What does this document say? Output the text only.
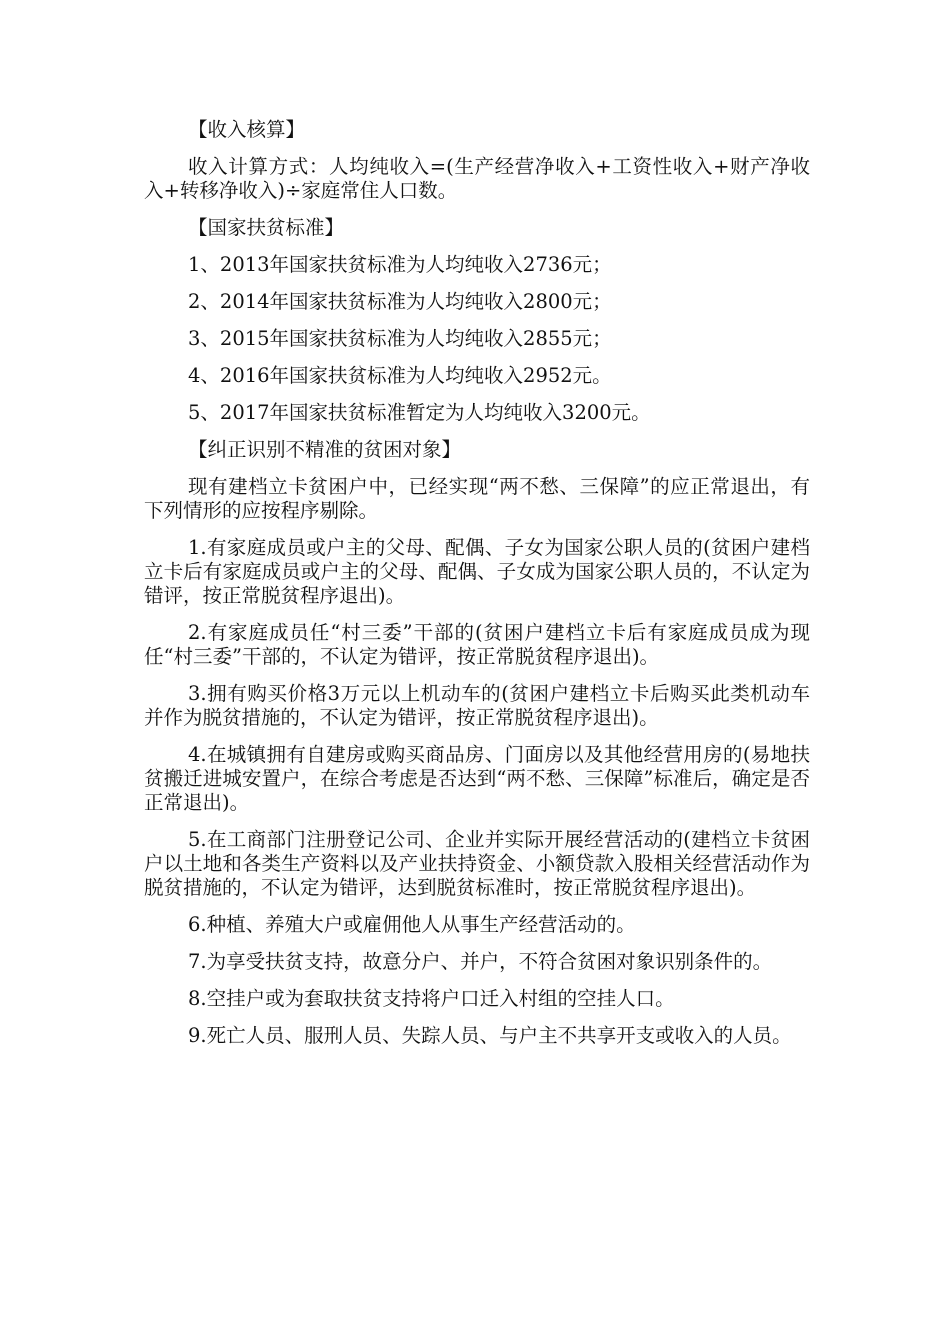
【收入核算】

收入计算方式：人均纯收入=(生产经营净收入+工资性收入+财产净收入+转移净收入)÷家庭常住人口数。

【国家扶贫标准】

1、2013年国家扶贫标准为人均纯收入2736元；

2、2014年国家扶贫标准为人均纯收入2800元；

3、2015年国家扶贫标准为人均纯收入2855元；

4、2016年国家扶贫标准为人均纯收入2952元。

5、2017年国家扶贫标准暂定为人均纯收入3200元。

【纠正识别不精准的贫困对象】

现有建档立卡贫困户中，已经实现“两不愁、三保障”的应正常退出，有下列情形的应按程序剔除。

1.有家庭成员或户主的父母、配偶、子女为国家公职人员的(贫困户建档立卡后有家庭成员或户主的父母、配偶、子女成为国家公职人员的，不认定为错评，按正常脱贫程序退出)。

2.有家庭成员任“村三委”干部的(贫困户建档立卡后有家庭成员成为现任“村三委”干部的，不认定为错评，按正常脱贫程序退出)。

3.拥有购买价格3万元以上机动车的(贫困户建档立卡后购买此类机动车并作为脱贫措施的，不认定为错评，按正常脱贫程序退出)。

4.在城镇拥有自建房或购买商品房、门面房以及其他经营用房的(易地扶贫搬迁进城安置户，在综合考虑是否达到“两不愁、三保障”标准后，确定是否正常退出)。

5.在工商部门注册登记公司、企业并实际开展经营活动的(建档立卡贫困户以土地和各类生产资料以及产业扶持资金、小额贷款入股相关经营活动作为脱贫措施的，不认定为错评，达到脱贫标准时，按正常脱贫程序退出)。

6.种植、养殖大户或雇佣他人从事生产经营活动的。

7.为享受扶贫支持，故意分户、并户，不符合贫困对象识别条件的。

8.空挂户或为套取扶贫支持将户口迁入村组的空挂人口。

9.死亡人员、服刑人员、失踪人员、与户主不共享开支或收入的人员。
